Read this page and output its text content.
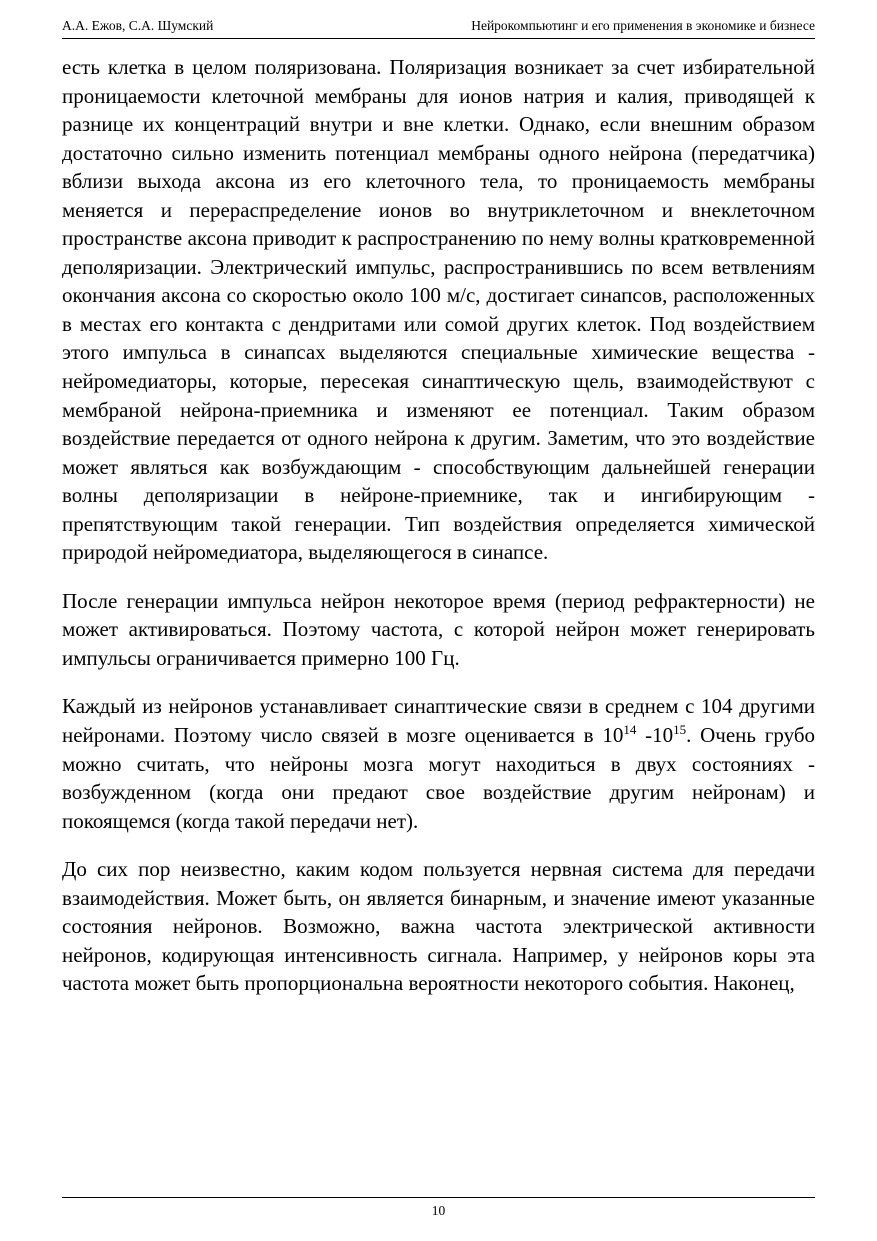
А.А. Ежов, С.А. Шумский	Нейрокомпьютинг и его применения в экономике и бизнесе

есть клетка в целом поляризована. Поляризация возникает за счет избирательной проницаемости клеточной мембраны для ионов натрия и калия, приводящей к разнице их концентраций внутри и вне клетки. Однако, если внешним образом достаточно сильно изменить потенциал мембраны одного нейрона (передатчика) вблизи выхода аксона из его клеточного тела, то проницаемость мембраны меняется и перераспределение ионов во внутриклеточном и внеклеточном пространстве аксона приводит к распространению по нему волны кратковременной деполяризации. Электрический импульс, распространившись по всем ветвлениям окончания аксона со скоростью около 100 м/с, достигает синапсов, расположенных в местах его контакта с дендритами или сомой других клеток. Под воздействием этого импульса в синапсах выделяются специальные химические вещества - нейромедиаторы, которые, пересекая синаптическую щель, взаимодействуют с мембраной нейрона-приемника и изменяют ее потенциал. Таким образом воздействие передается от одного нейрона к другим. Заметим, что это воздействие может являться как возбуждающим - способствующим дальнейшей генерации волны деполяризации в нейроне-приемнике, так и ингибирующим - препятствующим такой генерации. Тип воздействия определяется химической природой нейромедиатора, выделяющегося в синапсе.

После генерации импульса нейрон некоторое время (период рефрактерности) не может активироваться. Поэтому частота, с которой нейрон может генерировать импульсы ограничивается примерно 100 Гц.

Каждый из нейронов устанавливает синаптические связи в среднем с 104 другими нейронами. Поэтому число связей в мозге оценивается в $10^{14}$ $-10^{15}$. Очень грубо можно считать, что нейроны мозга могут находиться в двух состояниях - возбужденном (когда они предают свое воздействие другим нейронам) и покоящемся (когда такой передачи нет).

До сих пор неизвестно, каким кодом пользуется нервная система для передачи взаимодействия. Может быть, он является бинарным, и значение имеют указанные состояния нейронов. Возможно, важна частота электрической активности нейронов, кодирующая интенсивность сигнала. Например, у нейронов коры эта частота может быть пропорциональна вероятности некоторого события. Наконец,

10
